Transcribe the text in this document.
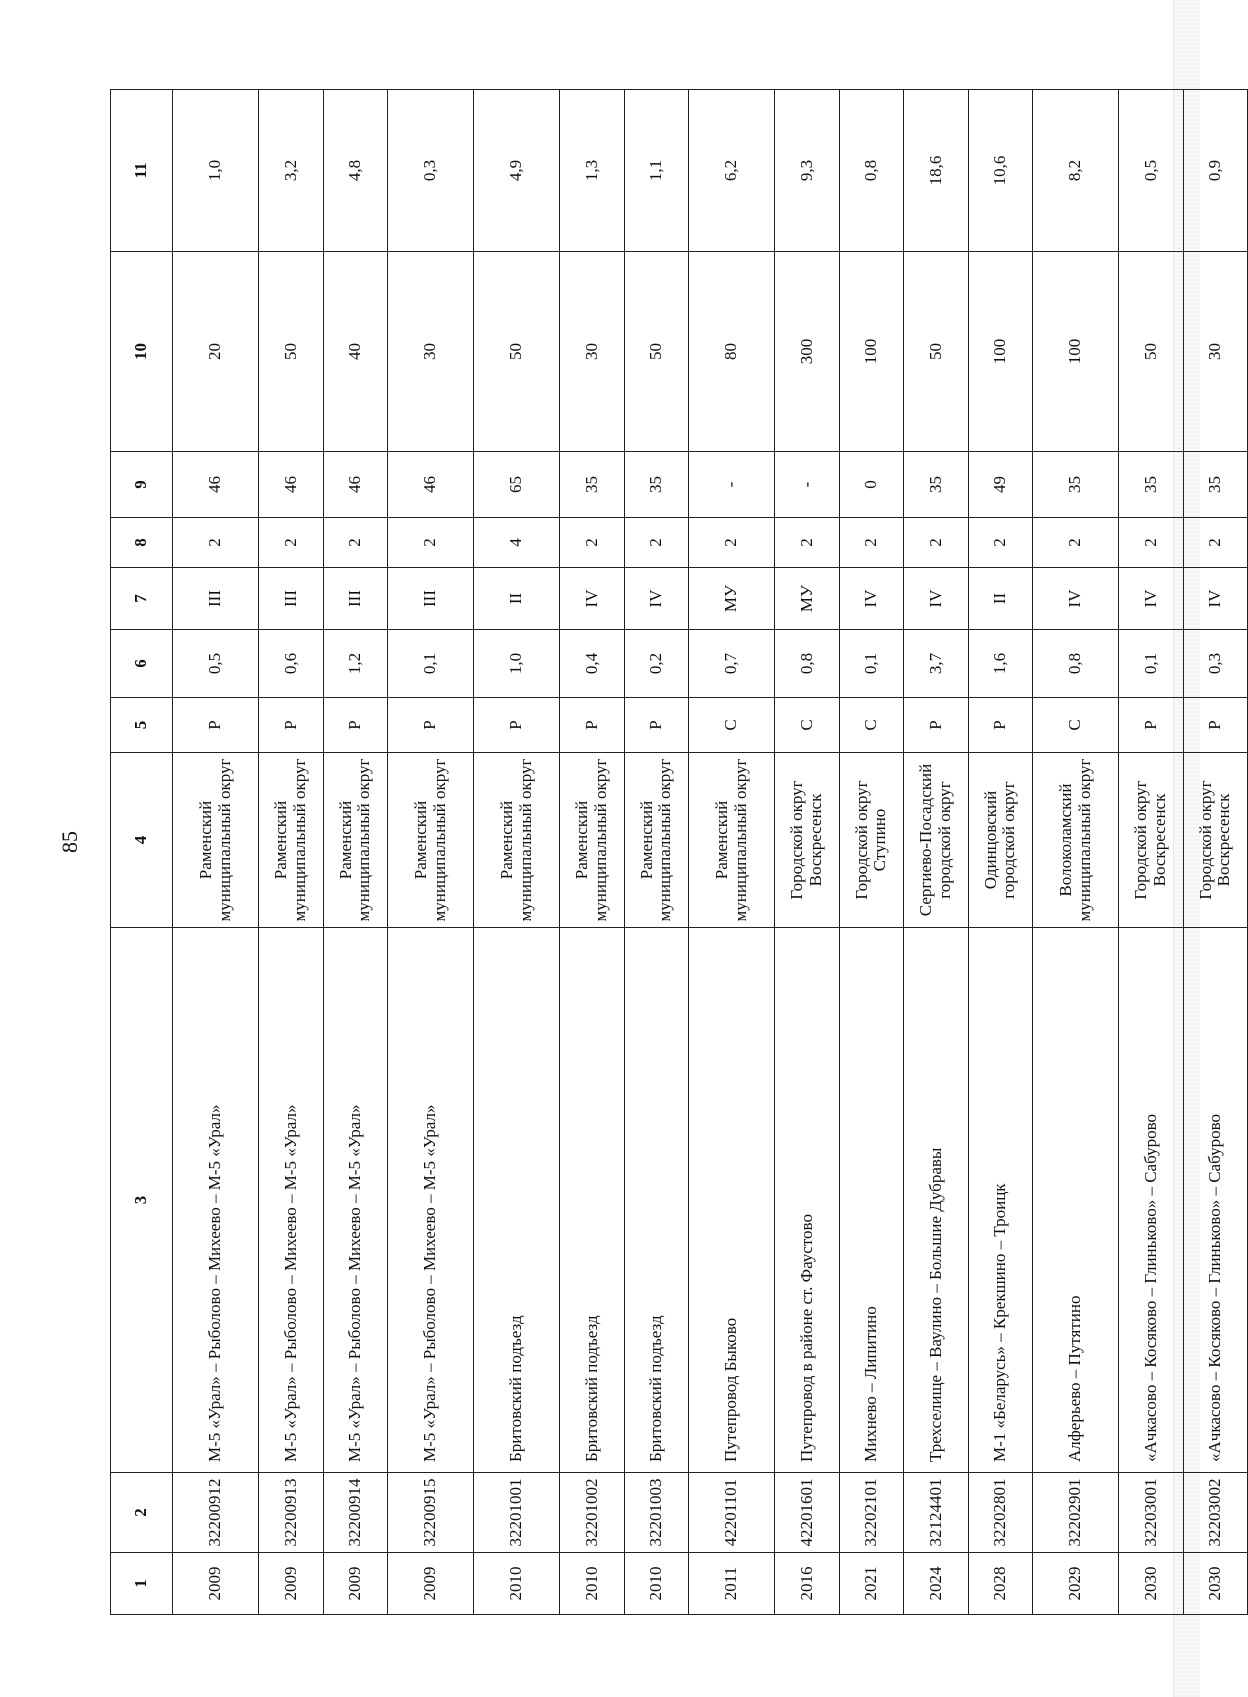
85
1	2	3	4	5	6	7	8	9	10	11
2009	32200912	М-5 «Урал» – Рыболово – Михеево – М-5 «Урал»	Раменский муниципальный округ	Р	0,5	III	2	46	20	1,0
2009	32200913	М-5 «Урал» – Рыболово – Михеево – М-5 «Урал»	Раменский муниципальный округ	Р	0,6	III	2	46	50	3,2
2009	32200914	М-5 «Урал» – Рыболово – Михеево – М-5 «Урал»	Раменский муниципальный округ	Р	1,2	III	2	46	40	4,8
2009	32200915	М-5 «Урал» – Рыболово – Михеево – М-5 «Урал»	Раменский муниципальный округ	Р	0,1	III	2	46	30	0,3
2010	32201001	Бритовский подъезд	Раменский муниципальный округ	Р	1,0	II	4	65	50	4,9
2010	32201002	Бритовский подъезд	Раменский муниципальный округ	Р	0,4	IV	2	35	30	1,3
2010	32201003	Бритовский подъезд	Раменский муниципальный округ	Р	0,2	IV	2	35	50	1,1
2011	42201101	Путепровод Быково	Раменский муниципальный округ	С	0,7	МУ	2	-	80	6,2
2016	42201601	Путепровод в районе ст. Фаустово	Городской округ Воскресенск	С	0,8	МУ	2	-	300	9,3
2021	32202101	Михнево – Липитино	Городской округ Ступино	С	0,1	IV	2	0	100	0,8
2024	32124401	Трехселище – Ваулино – Большие Дубравы	Сергиево-Посадский городской округ	Р	3,7	IV	2	35	50	18,6
2028	32202801	М-1 «Беларусь» – Крекшино – Троицк	Одинцовский городской округ	Р	1,6	II	2	49	100	10,6
2029	32202901	Алферьево – Путятино	Волоколамский муниципальный округ	С	0,8	IV	2	35	100	8,2
2030	32203001	«Ачкасово – Косяково – Глиньково» – Сабурово	Городской округ Воскресенск	Р	0,1	IV	2	35	50	0,5
2030	32203002	«Ачкасово – Косяково – Глиньково» – Сабурово	Городской округ Воскресенск	Р	0,3	IV	2	35	30	0,9
